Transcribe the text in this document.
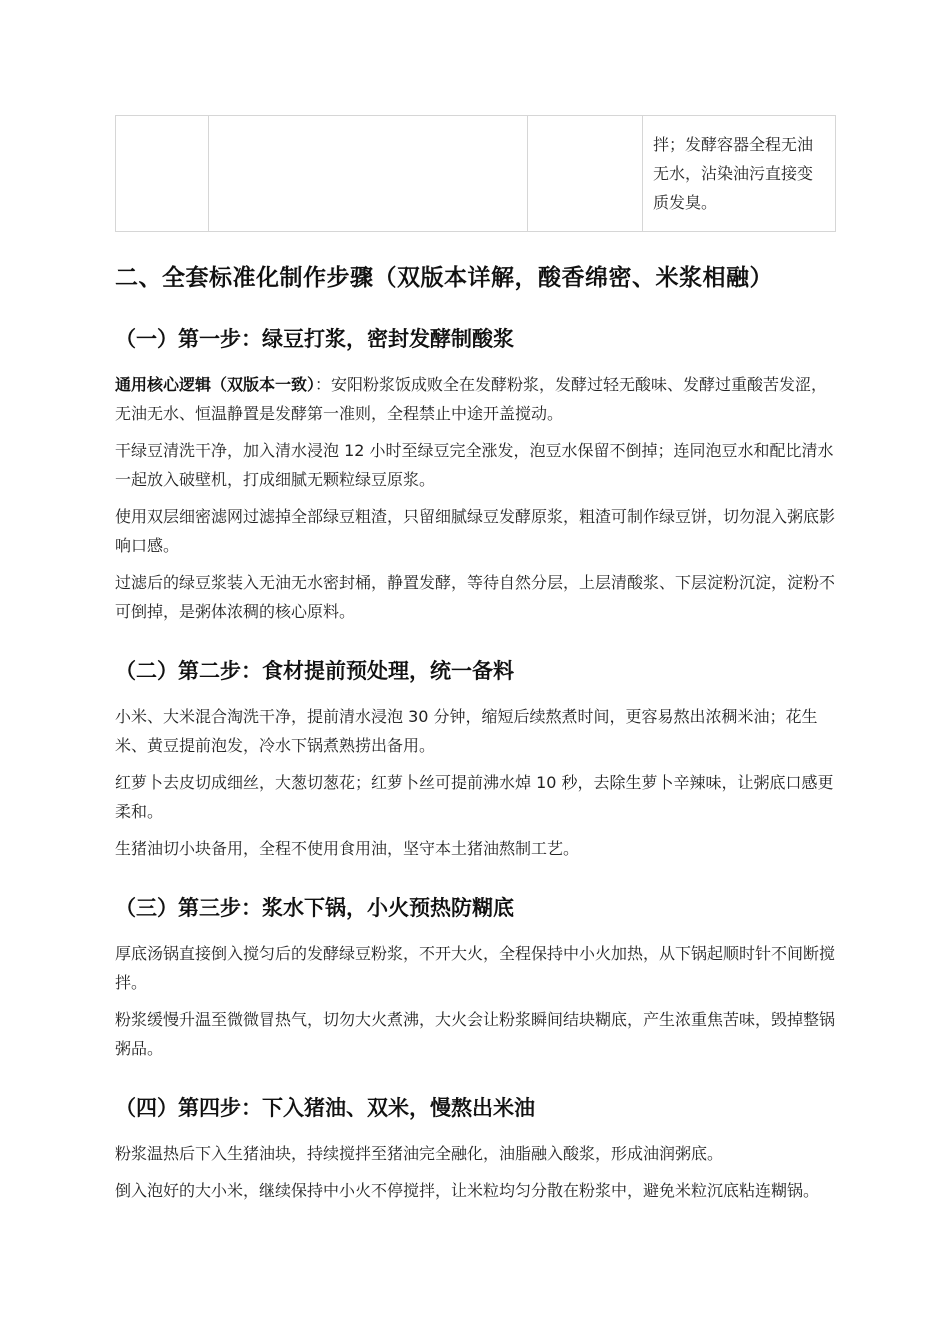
			拌；发酵容器全程无油无水，沾染油污直接变质发臭。
二、全套标准化制作步骤（双版本详解，酸香绵密、米浆相融）
（一）第一步：绿豆打浆，密封发酵制酸浆

通用核心逻辑（双版本一致）：安阳粉浆饭成败全在发酵粉浆，发酵过轻无酸味、发酵过重酸苦发涩，无油无水、恒温静置是发酵第一准则，全程禁止中途开盖搅动。

干绿豆清洗干净，加入清水浸泡 12 小时至绿豆完全涨发，泡豆水保留不倒掉；连同泡豆水和配比清水一起放入破壁机，打成细腻无颗粒绿豆原浆。

使用双层细密滤网过滤掉全部绿豆粗渣，只留细腻绿豆发酵原浆，粗渣可制作绿豆饼，切勿混入粥底影响口感。

过滤后的绿豆浆装入无油无水密封桶，静置发酵，等待自然分层，上层清酸浆、下层淀粉沉淀，淀粉不可倒掉，是粥体浓稠的核心原料。

（二）第二步：食材提前预处理，统一备料

小米、大米混合淘洗干净，提前清水浸泡 30 分钟，缩短后续熬煮时间，更容易熬出浓稠米油；花生米、黄豆提前泡发，冷水下锅煮熟捞出备用。

红萝卜去皮切成细丝，大葱切葱花；红萝卜丝可提前沸水焯 10 秒，去除生萝卜辛辣味，让粥底口感更柔和。

生猪油切小块备用，全程不使用食用油，坚守本土猪油熬制工艺。

（三）第三步：浆水下锅，小火预热防糊底

厚底汤锅直接倒入搅匀后的发酵绿豆粉浆，不开大火，全程保持中小火加热，从下锅起顺时针不间断搅拌。

粉浆缓慢升温至微微冒热气，切勿大火煮沸，大火会让粉浆瞬间结块糊底，产生浓重焦苦味，毁掉整锅粥品。

（四）第四步：下入猪油、双米，慢熬出米油

粉浆温热后下入生猪油块，持续搅拌至猪油完全融化，油脂融入酸浆，形成油润粥底。

倒入泡好的大小米，继续保持中小火不停搅拌，让米粒均匀分散在粉浆中，避免米粒沉底粘连糊锅。
